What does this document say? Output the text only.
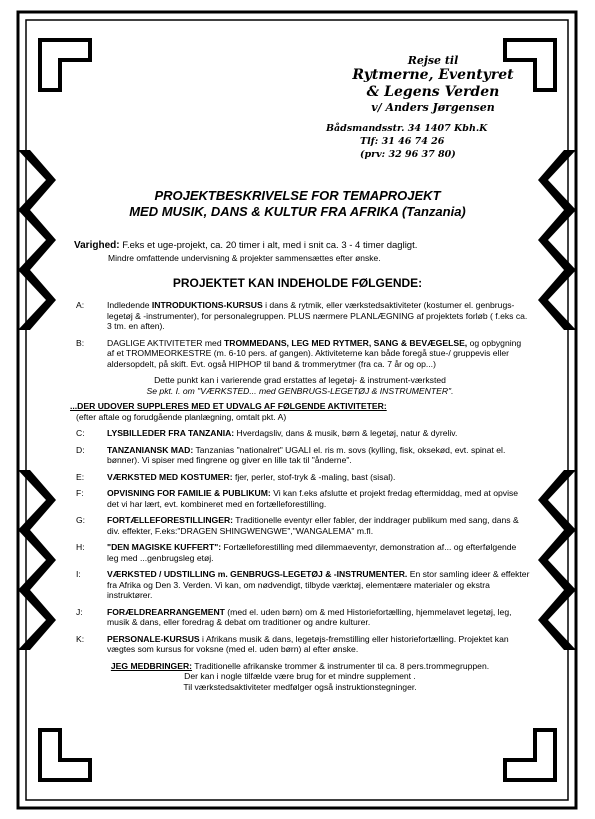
Rejse til
Rytmerne, Eventyret
& Legens Verden
v/ Anders Jørgensen
Bådsmandsstr. 34 1407 Kbh.K
Tlf: 31 46 74 26
(prv: 32 96 37 80)
PROJEKTBESKRIVELSE FOR TEMAPROJEKT
MED MUSIK, DANS & KULTUR FRA AFRIKA (Tanzania)
Varighed: F.eks et uge-projekt, ca. 20 timer i alt, med i snit ca. 3 - 4 timer dagligt.
Mindre omfattende undervisning & projekter sammensættes efter ønske.
PROJEKTET KAN INDEHOLDE FØLGENDE:
A:	Indledende INTRODUKTIONS-KURSUS i dans & rytmik, eller værkstedsaktiviteter (kostumer el. genbrugs-legetøj & -instrumenter), for personalegruppen. PLUS nærmere PLANLÆGNING af projektets forløb ( f.eks ca. 3 tm. en aften).
B:	DAGLIGE AKTIVITETER med TROMMEDANS, LEG MED RYTMER, SANG & BEVÆGELSE, og opbygning af et TROMMEORKESTRE (m. 6-10 pers. af gangen). Aktiviteterne kan både foregå stue-/ gruppevis eller aldersopdelt, på skift. Evt. også HIPHOP til band & trommerytmer (fra ca. 7 år og op...)
Dette punkt kan i varierende grad erstattes af legetøj- & instrument-værksted
Se pkt. I. om "VÆRKSTED... med GENBRUGS-LEGETØJ & INSTRUMENTER".
...DER UDOVER SUPPLERES MED ET UDVALG AF FØLGENDE AKTIVITETER:
(efter aftale og forudgående planlægning, omtalt pkt. A)
C:	LYSBILLEDER FRA TANZANIA: Hverdagsliv, dans & musik, børn & legetøj, natur & dyreliv.
D:	TANZANIANSK MAD: Tanzanias "nationalret" UGALI el. ris m. sovs (kylling, fisk, oksekød, evt. spinat el. bønner). Vi spiser med fingrene og giver en lille tak til "ånderne".
E:	VÆRKSTED MED KOSTUMER: fjer, perler, stof-tryk & -maling, bast (sisal).
F:	OPVISNING FOR FAMILIE & PUBLIKUM: Vi kan f.eks afslutte et projekt fredag eftermiddag, med at opvise det vi har lært, evt. kombineret med en fortælleforestilling.
G:	FORTÆLLEFORESTILLINGER: Traditionelle eventyr eller fabler, der inddrager publikum med sang, dans & div. effekter, F.eks:"DRAGEN SHINGWENGWE","WANGALEMA" m.fl.
H:	"DEN MAGISKE KUFFERT": Fortælleforestilling med dilemmaeventyr, demonstration af... og efterfølgende leg med ...genbrugsleg etøj.
I:	VÆRKSTED / UDSTILLING m. GENBRUGS-LEGETØJ & -INSTRUMENTER. En stor samling ideer & effekter fra Afrika og Den 3. Verden. Vi kan, om nødvendigt, tilbyde værktøj, elementære materialer og ekstra instruktører.
J:	FORÆLDREARRANGEMENT (med el. uden børn) om & med Historiefortælling, hjemmelavet legetøj, leg, musik & dans, eller foredrag & debat om traditioner og andre kulturer.
K:	PERSONALE-KURSUS i Afrikans musik & dans, legetøjs-fremstilling eller historiefortælling. Projektet kan vægtes som kursus for voksne (med el. uden børn) al efter ønske.
JEG MEDBRINGER: Traditionelle afrikanske trommer & instrumenter til ca. 8 pers.trommegruppen.
Der kan i nogle tilfælde være brug for et mindre supplement .
Til værkstedsaktiviteter medfølger også instruktionstegninger.
